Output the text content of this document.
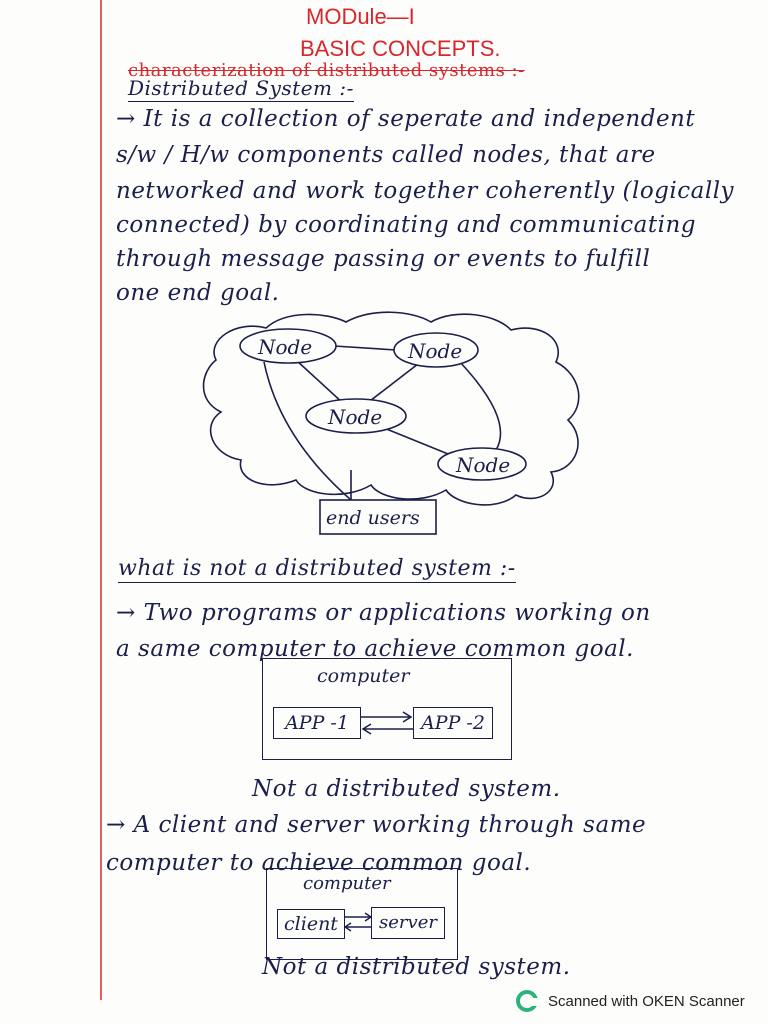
MODule—I
BASIC CONCEPTS.
characterization of distributed systems :-
Distributed System :-
→ It is a collection of seperate and independent
s/w / H/w components called nodes, that are
networked and work together coherently (logically
connected) by coordinating and communicating
through message passing or events to fulfill
one end goal.
Node	Node
Node
Node
end users
what is not a distributed system :-
→ Two programs or applications working on
a same computer to achieve common goal.
computer
APP -1	APP -2
Not a distributed system.
→ A client and server working through same
computer to achieve common goal.
computer
client	server
Not a distributed system.
Scanned with OKEN Scanner
